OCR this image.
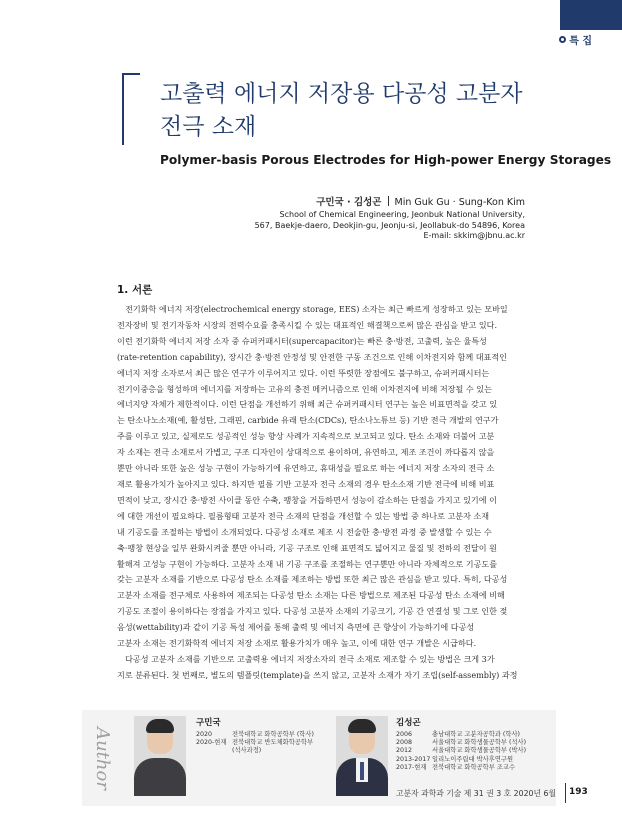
특 집
고출력 에너지 저장용 다공성 고분자
전극 소재
Polymer-basis Porous Electrodes for High-power Energy Storages
구민국 · 김성곤 Min Guk Gu · Sung-Kon Kim
School of Chemical Engineering, Jeonbuk National University,
567, Baekje-daero, Deokjin-gu, Jeonju-si, Jeollabuk-do 54896, Korea
E-mail: skkim@jbnu.ac.kr
1. 서론
전기화학 에너지 저장(electrochemical energy storage, EES) 소자는 최근 빠르게 성장하고 있는 모바일
전자장비 및 전기자동차 시장의 전력수요를 충족시킬 수 있는 대표적인 해결책으로써 많은 관심을 받고 있다.
이런 전기화학 에너지 저장 소자 중 슈퍼커패시터(supercapacitor)는 빠른 충·방전, 고출력, 높은 율특성
(rate-retention capability), 장시간 충·방전 안정성 및 안전한 구동 조건으로 인해 이차전지와 함께 대표적인
에너지 저장 소자로서 최근 많은 연구가 이루어지고 있다. 이런 뚜렷한 장점에도 불구하고, 슈퍼커패시터는
전기이중층을 형성하며 에너지를 저장하는 고유의 충전 메커니즘으로 인해 이차전지에 비해 저장될 수 있는
에너지양 자체가 제한적이다. 이런 단점을 개선하기 위해 최근 슈퍼커패시터 연구는 높은 비표면적을 갖고 있
는 탄소나노소재(예, 활성탄, 그래핀, carbide 유래 탄소(CDCs), 탄소나노튜브 등) 기반 전극 개발의 연구가
주를 이루고 있고, 실제로도 성공적인 성능 향상 사례가 지속적으로 보고되고 있다. 탄소 소재와 더불어 고분
자 소재는 전극 소재로서 가볍고, 구조 디자인이 상대적으로 용이하며, 유연하고, 제조 조건이 까다롭지 않을
뿐만 아니라 또한 높은 성능 구현이 가능하기에 유연하고, 휴대성을 필요로 하는 에너지 저장 소자의 전극 소
재로 활용가치가 높아지고 있다. 하지만 필름 기반 고분자 전극 소재의 경우 탄소소재 기반 전극에 비해 비표
면적이 낮고, 장시간 충·방전 사이클 동안 수축, 팽창을 거듭하면서 성능이 감소하는 단점을 가지고 있기에 이
에 대한 개선이 필요하다. 필름형태 고분자 전극 소재의 단점을 개선할 수 있는 방법 중 하나로 고분자 소재
내 기공도를 조절하는 방법이 소개되었다. 다공성 소재로 제조 시 전술한 충·방전 과정 중 발생할 수 있는 수
축·팽창 현상을 일부 완화시켜줄 뿐만 아니라, 기공 구조로 인해 표면적도 넓어지고 물질 및 전하의 전달이 원
활해져 고성능 구현이 가능하다. 고분자 소재 내 기공 구조를 조절하는 연구뿐만 아니라 자체적으로 기공도를
갖는 고분자 소재를 기반으로 다공성 탄소 소재를 제조하는 방법 또한 최근 많은 관심을 받고 있다. 특히, 다공성
고분자 소재를 전구체로 사용하여 제조되는 다공성 탄소 소재는 다른 방법으로 제조된 다공성 탄소 소재에 비해
기공도 조절이 용이하다는 장점을 가지고 있다. 다공성 고분자 소재의 기공크기, 기공 간 연결성 및 그로 인한 젖
음성(wettability)과 같이 기공 특성 제어를 통해 출력 및 에너지 측면에 큰 향상이 가능하기에 다공성
고분자 소재는 전기화학적 에너지 저장 소재로 활용가치가 매우 높고, 이에 대한 연구 개발은 시급하다.
다공성 고분자 소재를 기반으로 고출력용 에너지 저장소자의 전극 소재로 제조할 수 있는 방법은 크게 3가
지로 분류된다. 첫 번째로, 별도의 템플릿(template)을 쓰지 않고, 고분자 소재가 자기 조립(self-assembly) 과정
Author
구민국
2020	전북대학교 화학공학부 (학사)
2020-현재	전북대학교 반도체화학공학부
	(석사과정)
김성곤
2006	충남대학교 고분자공학과 (학사)
2008	서울대학교 화학생물공학부 (석사)
2012	서울대학교 화학생물공학부 (박사)
2013-2017	일리노이주립대 박사후연구원
2017-현재	전북대학교 화학공학부 조교수
고분자 과학과 기술 제 31 권 3 호 2020년 6월 193
